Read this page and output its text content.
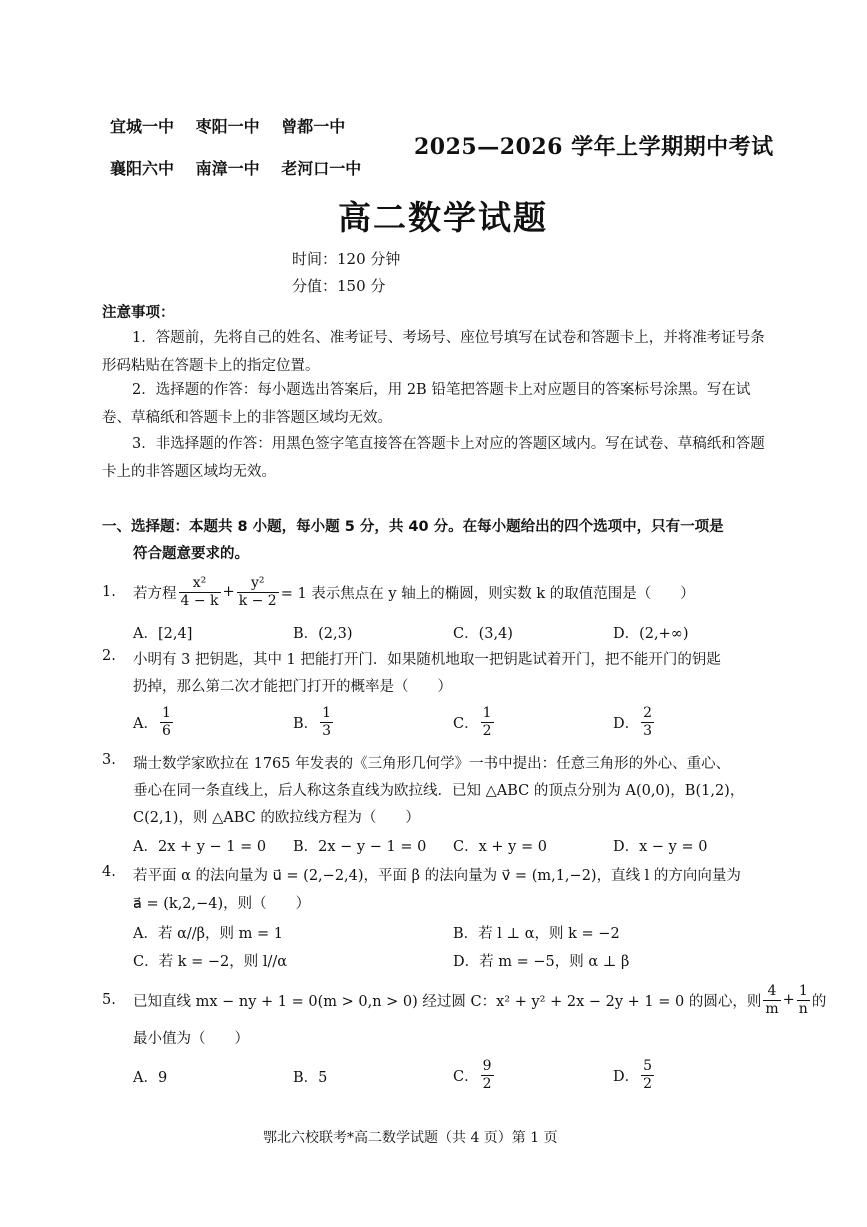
宜城一中 枣阳一中 曾都一中
襄阳六中 南漳一中 老河口一中
2025—2026 学年上学期期中考试
高二数学试题
时间：120 分钟
分值：150 分
注意事项：
1．答题前，先将自己的姓名、准考证号、考场号、座位号填写在试卷和答题卡上，并将准考证号条形码粘贴在答题卡上的指定位置。
2．选择题的作答：每小题选出答案后，用 2B 铅笔把答题卡上对应题目的答案标号涂黑。写在试卷、草稿纸和答题卡上的非答题区域均无效。
3．非选择题的作答：用黑色签字笔直接答在答题卡上对应的答题区域内。写在试卷、草稿纸和答题卡上的非答题区域均无效。
一、选择题：本题共 8 小题，每小题 5 分，共 40 分。在每小题给出的四个选项中，只有一项是
符合题意要求的。
1. 若方程 $\frac{\text{x²}}{4 - k} + \frac{\text{y²}}{k - 2} = 1$ 表示焦点在 y 轴上的椭圆，则实数 k 的取值范围是（　　）
A．[2,4]	B．(2,3)	C．(3,4)	D．(2,+∞)
2. 小明有 3 把钥匙，其中 1 把能打开门．如果随机地取一把钥匙试着开门，把不能开门的钥匙
扔掉，那么第二次才能把门打开的概率是（　　）
A． $\frac{1}{6}$	B． $\frac{1}{3}$	C． $\frac{1}{2}$	D． $\frac{2}{3}$
3. 瑞士数学家欧拉在 1765 年发表的《三角形几何学》一书中提出：任意三角形的外心、重心、
垂心在同一条直线上，后人称这条直线为欧拉线．已知 △ABC 的顶点分别为 A(0,0)，B(1,2)，
C(2,1)，则 △ABC 的欧拉线方程为（　　）
A．2x + y − 1 = 0 B．2x − y − 1 = 0 C．x + y = 0	D．x − y = 0
4. 若平面 α 的法向量为 u⃗ = (2,−2,4)，平面 β 的法向量为 v⃗ = (m,1,−2)，直线 l 的方向向量为
a⃗ = (k,2,−4)，则（　　）
A．若 α//β，则 m = 1	B．若 l ⊥ α，则 k = −2
C．若 k = −2，则 l//α	D．若 m = −5，则 α ⊥ β
5. 已知直线 mx − ny + 1 = 0(m > 0,n > 0) 经过圆 C：x² + y² + 2x − 2y + 1 = 0 的圆心，则 $\frac{4}{m} + \frac{1}{n}$ 的
最小值为（　　）
A．9	B．5	C． $\frac{9}{2}$	D． $\frac{5}{2}$
鄂北六校联考*高二数学试题（共 4 页）第 1 页
